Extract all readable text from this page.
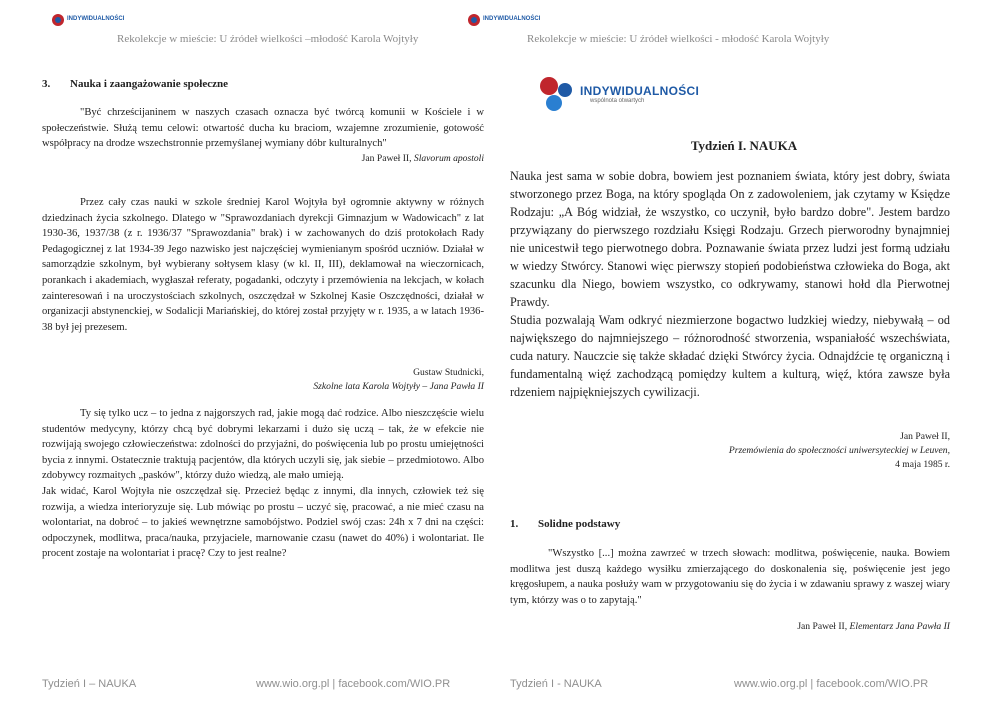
INDYWIDUALNOŚCI
Rekolekcje w mieście: U źródeł wielkości –młodość Karola Wojtyły
3. Nauka i zaangażowanie społeczne

"Być chrześcijaninem w naszych czasach oznacza być twórcą komunii w Kościele i w społeczeństwie. Służą temu celowi: otwartość ducha ku braciom, wzajemne zrozumienie, gotowość współpracy na drodze wszechstronnie przemyślanej wymiany dóbr kulturalnych"

Jan Paweł II, Slavorum apostoli

Przez cały czas nauki w szkole średniej Karol Wojtyła był ogromnie aktywny w różnych dziedzinach życia szkolnego. Dlatego w "Sprawozdaniach dyrekcji Gimnazjum w Wadowicach" z lat 1930-36, 1937/38 (z r. 1936/37 "Sprawozdania" brak) i w zachowanych do dziś protokołach Rady Pedagogicznej z lat 1934-39 Jego nazwisko jest najczęściej wymienianym spośród uczniów. Działał w samorządzie szkolnym, był wybierany sołtysem klasy (w kl. II, III), deklamował na wieczornicach, porankach i akademiach, wygłaszał referaty, pogadanki, odczyty i przemówienia na lekcjach, w kołach zainteresowań i na uroczystościach szkolnych, oszczędzał w Szkolnej Kasie Oszczędności, działał w organizacji abstynenckiej, w Sodalicji Mariańskiej, do której został przyjęty w r. 1935, a w latach 1936-38 był jej prezesem.

Gustaw Studnicki,
Szkolne lata Karola Wojtyły – Jana Pawła II

Ty się tylko ucz – to jedna z najgorszych rad, jakie mogą dać rodzice. Albo nieszczęście wielu studentów medycyny, którzy chcą być dobrymi lekarzami i dużo się uczą – tak, że w efekcie nie rozwijają swojego człowieczeństwa: zdolności do przyjaźni, do poświęcenia lub po prostu umiejętności bycia z innymi. Ostatecznie traktują pacjentów, dla których uczyli się, jak siebie – przedmiotowo. Albo zdobywcy rozmaitych „pasków", którzy dużo wiedzą, ale mało umieją.

Jak widać, Karol Wojtyła nie oszczędzał się. Przecież będąc z innymi, dla innych, człowiek też się rozwija, a wiedza interioryzuje się. Lub mówiąc po prostu – uczyć się, pracować, a nie mieć czasu na wolontariat, na dobroć – to jakieś wewnętrzne samobójstwo. Podziel swój czas: 24h x 7 dni na części: odpoczynek, modlitwa, praca/nauka, przyjaciele, marnowanie czasu (nawet do 40%) i wolontariat. Ile procent zostaje na wolontariat i pracę? Czy to jest realne?

Tydzień I – NAUKA	www.wio.org.pl | facebook.com/WIO.PR
INDYWIDUALNOŚCI
Rekolekcje w mieście: U źródeł wielkości - młodość Karola Wojtyły
INDYWIDUALNOŚCI
wspólnota otwartych
Tydzień I. NAUKA

Nauka jest sama w sobie dobra, bowiem jest poznaniem świata, który jest dobry, świata stworzonego przez Boga, na który spogląda On z zadowoleniem, jak czytamy w Księdze Rodzaju: „A Bóg widział, że wszystko, co uczynił, było bardzo dobre". Jestem bardzo przywiązany do pierwszego rozdziału Księgi Rodzaju. Grzech pierworodny bynajmniej nie unicestwił tego pierwotnego dobra. Poznawanie świata przez ludzi jest formą udziału w wiedzy Stwórcy. Stanowi więc pierwszy stopień podobieństwa człowieka do Boga, akt szacunku dla Niego, bowiem wszystko, co odkrywamy, stanowi hołd dla Pierwotnej Prawdy.

Studia pozwalają Wam odkryć niezmierzone bogactwo ludzkiej wiedzy, niebywałą – od największego do najmniejszego – różnorodność stworzenia, wspaniałość wszechświata, cuda natury. Nauczcie się także składać dzięki Stwórcy życia. Odnajdźcie tę organiczną i fundamentalną więź zachodzącą pomiędzy kultem a kulturą, więź, która zawsze była rdzeniem najpiękniejszych cywilizacji.

Jan Paweł II,
Przemówienia do społeczności uniwersyteckiej w Leuven,
4 maja 1985 r.
1. Solidne podstawy

"Wszystko [...] można zawrzeć w trzech słowach: modlitwa, poświęcenie, nauka. Bowiem modlitwa jest duszą każdego wysiłku zmierzającego do doskonalenia się, poświęcenie jest jego kręgosłupem, a nauka posłuży wam w przygotowaniu się do życia i w zdawaniu sprawy z waszej wiary tym, którzy was o to zapytają."

Jan Paweł II, Elementarz Jana Pawła II
Tydzień I - NAUKA	www.wio.org.pl | facebook.com/WIO.PR
